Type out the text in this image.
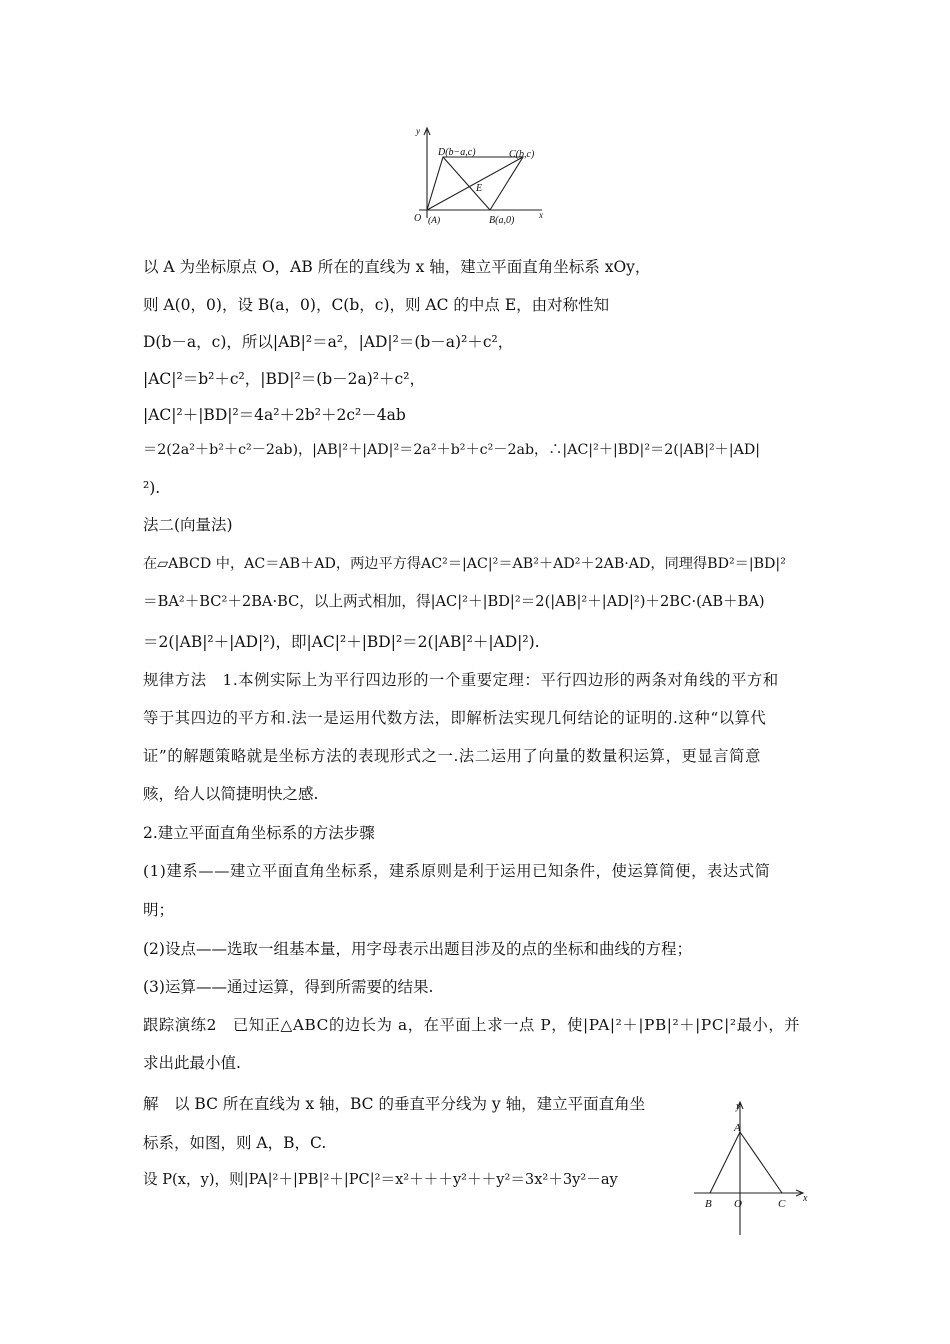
y
x
D(b−a,c)	C(b,c)
E
O (A)	B(a,0)
以 A 为坐标原点 O，AB 所在的直线为 x 轴，建立平面直角坐标系 xOy，
则 A(0，0)，设 B(a，0)，C(b，c)，则 AC 的中点 E，由对称性知
D(b－a，c)，所以|AB|²＝a²，|AD|²＝(b－a)²＋c²，
|AC|²＝b²＋c²，|BD|²＝(b－2a)²＋c²，
|AC|²＋|BD|²＝4a²＋2b²＋2c²－4ab
＝2(2a²＋b²＋c²－2ab)，|AB|²＋|AD|²＝2a²＋b²＋c²－2ab，∴|AC|²＋|BD|²＝2(|AB|²＋|AD|
²).
法二(向量法)
在▱ABCD 中，AC＝AB＋AD，两边平方得AC²＝|AC|²＝AB²＋AD²＋2AB·AD，同理得BD²＝|BD|²
＝BA²＋BC²＋2BA·BC，以上两式相加，得|AC|²＋|BD|²＝2(|AB|²＋|AD|²)＋2BC·(AB＋BA)
＝2(|AB|²＋|AD|²)，即|AC|²＋|BD|²＝2(|AB|²＋|AD|²).
规律方法　1.本例实际上为平行四边形的一个重要定理：平行四边形的两条对角线的平方和
等于其四边的平方和.法一是运用代数方法，即解析法实现几何结论的证明的.这种“以算代
证”的解题策略就是坐标方法的表现形式之一.法二运用了向量的数量积运算，更显言简意
赅，给人以简捷明快之感.
2.建立平面直角坐标系的方法步骤
(1)建系——建立平面直角坐标系，建系原则是利于运用已知条件，使运算简便，表达式简
明；
(2)设点——选取一组基本量，用字母表示出题目涉及的点的坐标和曲线的方程；
(3)运算——通过运算，得到所需要的结果.
跟踪演练2　已知正△ABC的边长为 a，在平面上求一点 P，使|PA|²＋|PB|²＋|PC|²最小，并
求出此最小值.
解　以 BC 所在直线为 x 轴，BC 的垂直平分线为 y 轴，建立平面直角坐
标系，如图，则 A，B，C.
设 P(x，y)，则|PA|²＋|PB|²＋|PC|²＝x²＋＋＋y²＋＋y²＝3x²＋3y²－ay
y
x
A
B O	C
